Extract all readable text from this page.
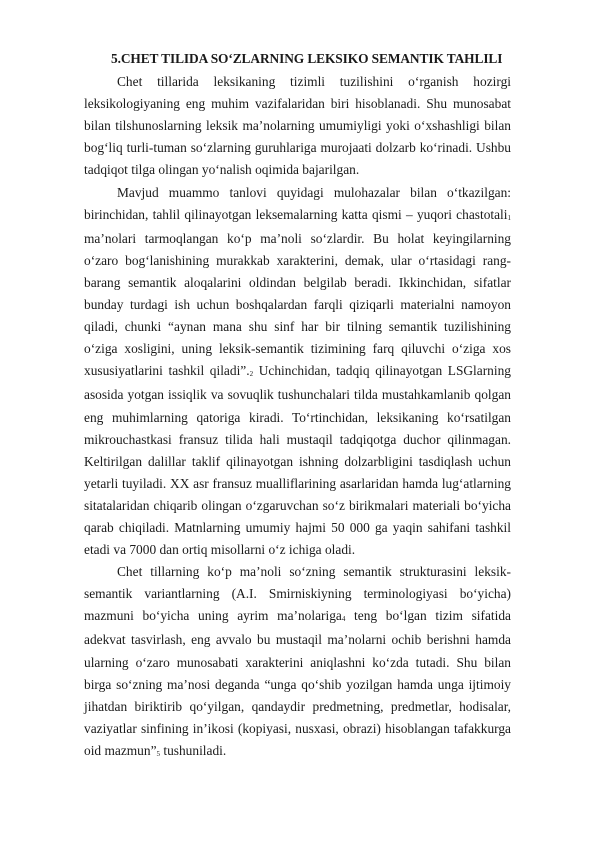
5.CHET TILIDA SO‘ZLARNING LEKSIKO SEMANTIK TAHLILI

Chet tillarida leksikaning tizimli tuzilishini o‘rganish hozirgi leksikologiyaning eng muhim vazifalaridan biri hisoblanadi. Shu munosabat bilan tilshunoslarning leksik ma’nolarning umumiyligi yoki o‘xshashligi bilan bog‘liq turli-tuman so‘zlarning guruhlariga murojaati dolzarb ko‘rinadi. Ushbu tadqiqot tilga olingan yo‘nalish oqimida bajarilgan.

Mavjud muammo tanlovi quyidagi mulohazalar bilan o‘tkazilgan: birinchidan, tahlil qilinayotgan leksemalarning katta qismi – yuqori chastotali$^1$ ma’nolari tarmoqlangan ko‘p ma’noli so‘zlardir. Bu holat keyingilarning o‘zaro bog‘lanishining murakkab xarakterini, demak, ular o‘rtasidagi rang-barang semantik aloqalarini oldindan belgilab beradi. Ikkinchidan, sifatlar bunday turdagi ish uchun boshqalardan farqli qiziqarli materialni namoyon qiladi, chunki “aynan mana shu sinf har bir tilning semantik tuzilishining o‘ziga xosligini, uning leksik-semantik tizimining farq qiluvchi o‘ziga xos xususiyatlarini tashkil qiladi”.$^2$ Uchinchidan, tadqiq qilinayotgan LSGlarning asosida yotgan issiqlik va sovuqlik tushunchalari tilda mustahkamlanib qolgan eng muhimlarning qatoriga kiradi. To‘rtinchidan, leksikaning ko‘rsatilgan mikrouchastkasi fransuz tilida hali mustaqil tadqiqotga duchor qilinmagan. Keltirilgan dalillar taklif qilinayotgan ishning dolzarbligini tasdiqlash uchun yetarli tuyiladi. XX asr fransuz mualliflarining asarlaridan hamda lug‘atlarning sitatalaridan chiqarib olingan o‘zgaruvchan so‘z birikmalari materiali bo‘yicha qarab chiqiladi. Matnlarning umumiy hajmi 50 000 ga yaqin sahifani tashkil etadi va 7000 dan ortiq misollarni o‘z ichiga oladi.

Chet tillarning ko‘p ma’noli so‘zning semantik strukturasini leksik-semantik variantlarning (A.I. Smirniskiyning terminologiyasi bo‘yicha) mazmuni bo‘yicha uning ayrim ma’nolariga$^4$ teng bo‘lgan tizim sifatida adekvat tasvirlash, eng avvalo bu mustaqil ma’nolarni ochib berishni hamda ularning o‘zaro munosabati xarakterini aniqlashni ko‘zda tutadi. Shu bilan birga so‘zning ma’nosi deganda “unga qo‘shib yozilgan hamda unga ijtimoiy jihatdan biriktirib qo‘yilgan, qandaydir predmetning, predmetlar, hodisalar, vaziyatlar sinfining in’ikosi (kopiyasi, nusxasi, obrazi) hisoblangan tafakkurga oid mazmun”$^5$ tushuniladi.
